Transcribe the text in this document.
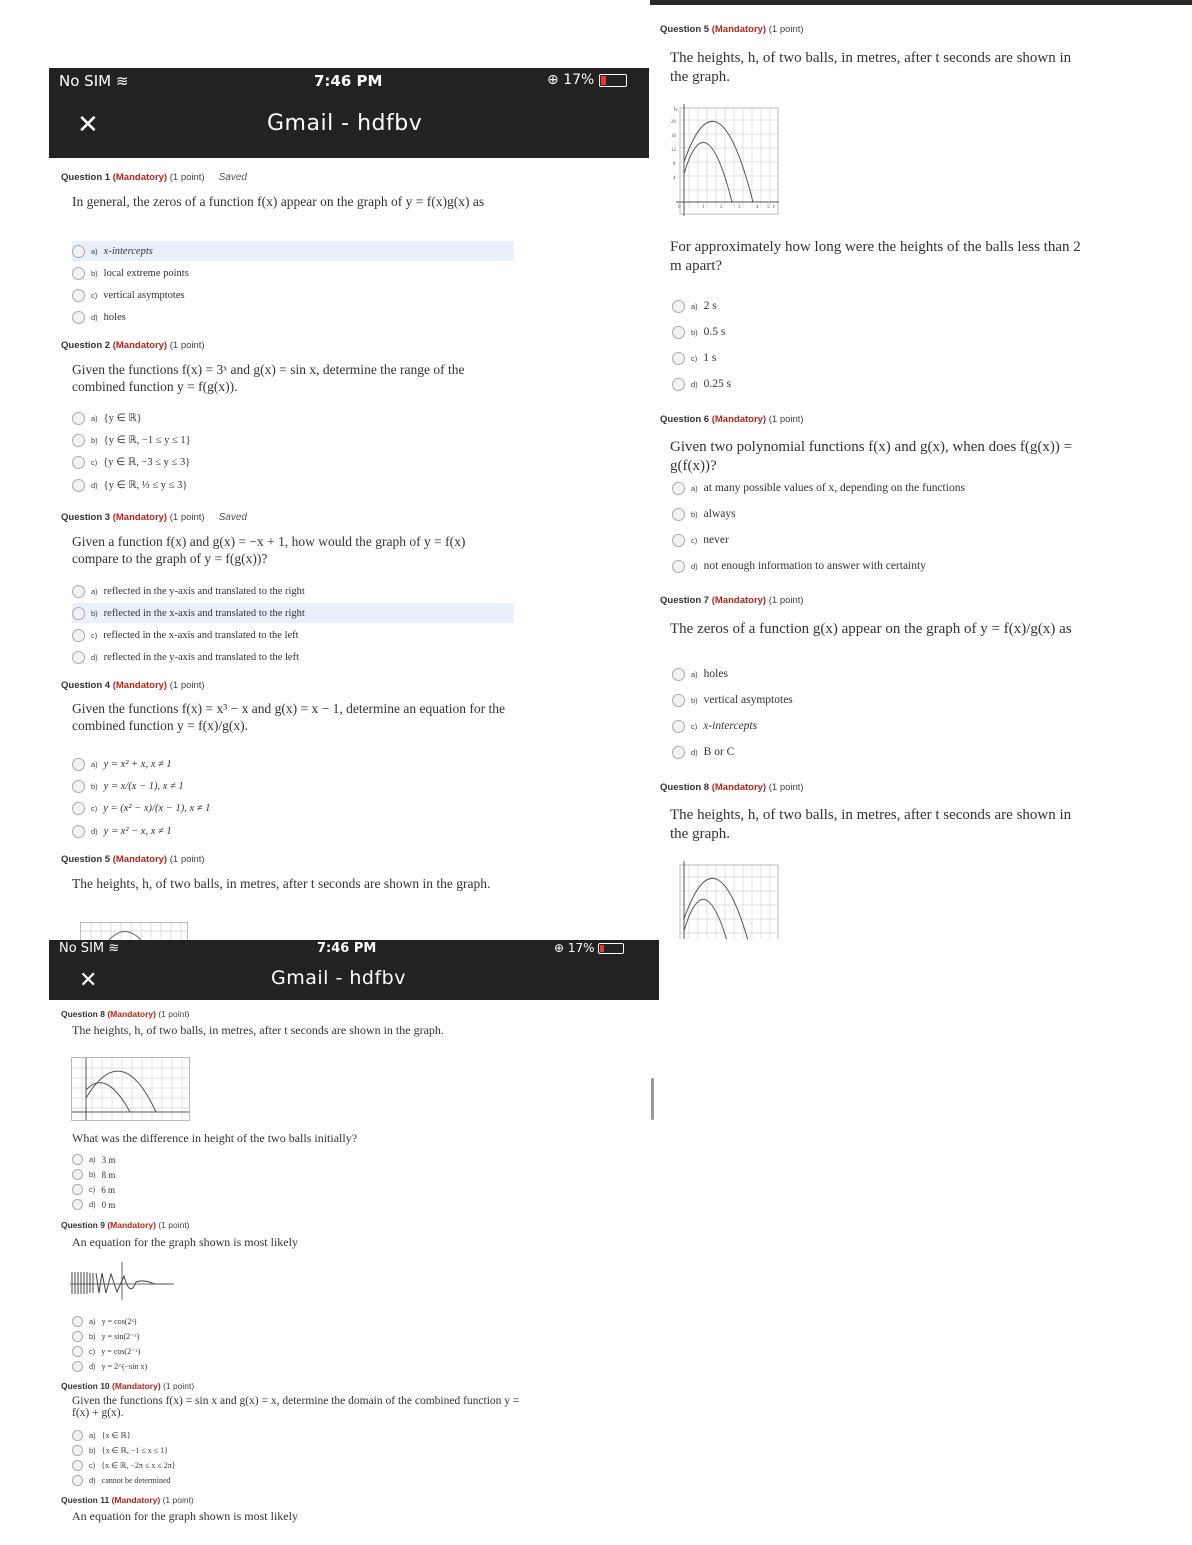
No SIM ≋	7:46 PM	⊕ 17%
✕	Gmail - hdfbv
Question 1 (Mandatory) (1 point) Saved
In general, the zeros of a function f(x) appear on the graph of y = f(x)g(x) as
a) x-intercepts
b) local extreme points
c) vertical asymptotes
d) holes
Question 2 (Mandatory) (1 point)
Given the functions f(x) = 3ˣ and g(x) = sin x, determine the range of the combined function y = f(g(x)).
a) {y ∈ ℝ}
b) {y ∈ ℝ, −1 ≤ y ≤ 1}
c) {y ∈ ℝ, −3 ≤ y ≤ 3}
d) {y ∈ ℝ, ⅓ ≤ y ≤ 3}
Question 3 (Mandatory) (1 point) Saved
Given a function f(x) and g(x) = −x + 1, how would the graph of y = f(x) compare to the graph of y = f(g(x))?
a) reflected in the y-axis and translated to the right
b) reflected in the x-axis and translated to the right
c) reflected in the x-axis and translated to the left
d) reflected in the y-axis and translated to the left
Question 4 (Mandatory) (1 point)
Given the functions f(x) = x³ − x and g(x) = x − 1, determine an equation for the combined function y = f(x)/g(x).
a) y = x² + x, x ≠ 1
b) y = x/(x − 1), x ≠ 1
c) y = (x² − x)/(x − 1), x ≠ 1
d) y = x² − x, x ≠ 1
Question 5 (Mandatory) (1 point)
The heights, h, of two balls, in metres, after t seconds are shown in the graph.
No SIM ≋	7:46 PM	⊕ 17%
✕	Gmail - hdfbv
Question 8 (Mandatory) (1 point)
The heights, h, of two balls, in metres, after t seconds are shown in the graph.
What was the difference in height of the two balls initially?
a) 3 m
b) 8 m
c) 6 m
d) 0 m
Question 9 (Mandatory) (1 point)
An equation for the graph shown is most likely
a) y = cos(2ˣ)
b) y = sin(2⁻ˣ)
c) y = cos(2⁻ˣ)
d) y = 2^(−sin x)
Question 10 (Mandatory) (1 point)
Given the functions f(x) = sin x and g(x) = x, determine the domain of the combined function y = f(x) + g(x).
a) {x ∈ ℝ}
b) {x ∈ ℝ, −1 ≤ x ≤ 1}
c) {x ∈ ℝ, −2π ≤ x ≤ 2π}
d) cannot be determined
Question 11 (Mandatory) (1 point)
An equation for the graph shown is most likely
Question 5 (Mandatory) (1 point)
The heights, h, of two balls, in metres, after t seconds are shown in the graph.
h
20
16
12
8
4
0	1	2	3	4 5 t
For approximately how long were the heights of the balls less than 2 m apart?
a) 2 s
b) 0.5 s
c) 1 s
d) 0.25 s
Question 6 (Mandatory) (1 point)
Given two polynomial functions f(x) and g(x), when does f(g(x)) = g(f(x))?
a) at many possible values of x, depending on the functions
b) always
c) never
d) not enough information to answer with certainty
Question 7 (Mandatory) (1 point)
The zeros of a function g(x) appear on the graph of y = f(x)/g(x) as
a) holes
b) vertical asymptotes
c) x-intercepts
d) B or C
Question 8 (Mandatory) (1 point)
The heights, h, of two balls, in metres, after t seconds are shown in the graph.
